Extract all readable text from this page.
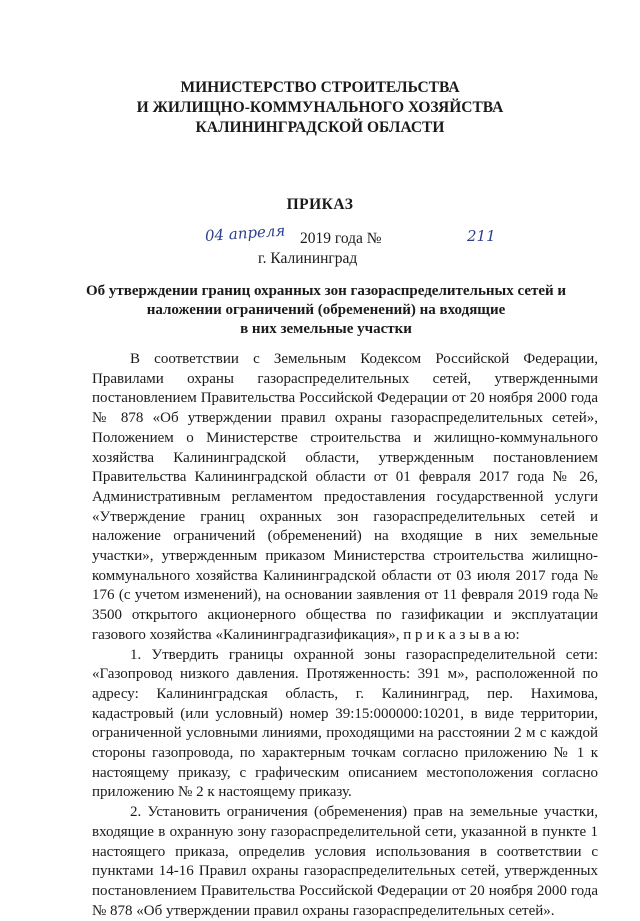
МИНИСТЕРСТВО СТРОИТЕЛЬСТВА
И ЖИЛИЩНО-КОММУНАЛЬНОГО ХОЗЯЙСТВА
КАЛИНИНГРАДСКОЙ ОБЛАСТИ
ПРИКАЗ
04 апреля 2019 года №	211
г. Калининград
Об утверждении границ охранных зон газораспределительных сетей и
наложении ограничений (обременений) на входящие
в них земельные участки

В соответствии с Земельным Кодексом Российской Федерации, Правилами охраны газораспределительных сетей, утвержденными постановлением Правительства Российской Федерации от 20 ноября 2000 года № 878 «Об утверждении правил охраны газораспределительных сетей», Положением о Министерстве строительства и жилищно-коммунального хозяйства Калининградской области, утвержденным постановлением Правительства Калининградской области от 01 февраля 2017 года № 26, Административным регламентом предоставления государственной услуги «Утверждение границ охранных зон газораспределительных сетей и наложение ограничений (обременений) на входящие в них земельные участки», утвержденным приказом Министерства строительства жилищно-коммунального хозяйства Калининградской области от 03 июля 2017 года № 176 (с учетом изменений), на основании заявления от 11 февраля 2019 года № 3500 открытого акционерного общества по газификации и эксплуатации газового хозяйства «Калининградгазификация», п р и к а з ы в а ю:

1. Утвердить границы охранной зоны газораспределительной сети: «Газопровод низкого давления. Протяженность: 391 м», расположенной по адресу: Калининградская область, г. Калининград, пер. Нахимова, кадастровый (или условный) номер 39:15:000000:10201, в виде территории, ограниченной условными линиями, проходящими на расстоянии 2 м с каждой стороны газопровода, по характерным точкам согласно приложению № 1 к настоящему приказу, с графическим описанием местоположения согласно приложению № 2 к настоящему приказу.

2. Установить ограничения (обременения) прав на земельные участки, входящие в охранную зону газораспределительной сети, указанной в пункте 1 настоящего приказа, определив условия использования в соответствии с пунктами 14-16 Правил охраны газораспределительных сетей, утвержденных постановлением Правительства Российской Федерации от 20 ноября 2000 года № 878 «Об утверждении правил охраны газораспределительных сетей».
